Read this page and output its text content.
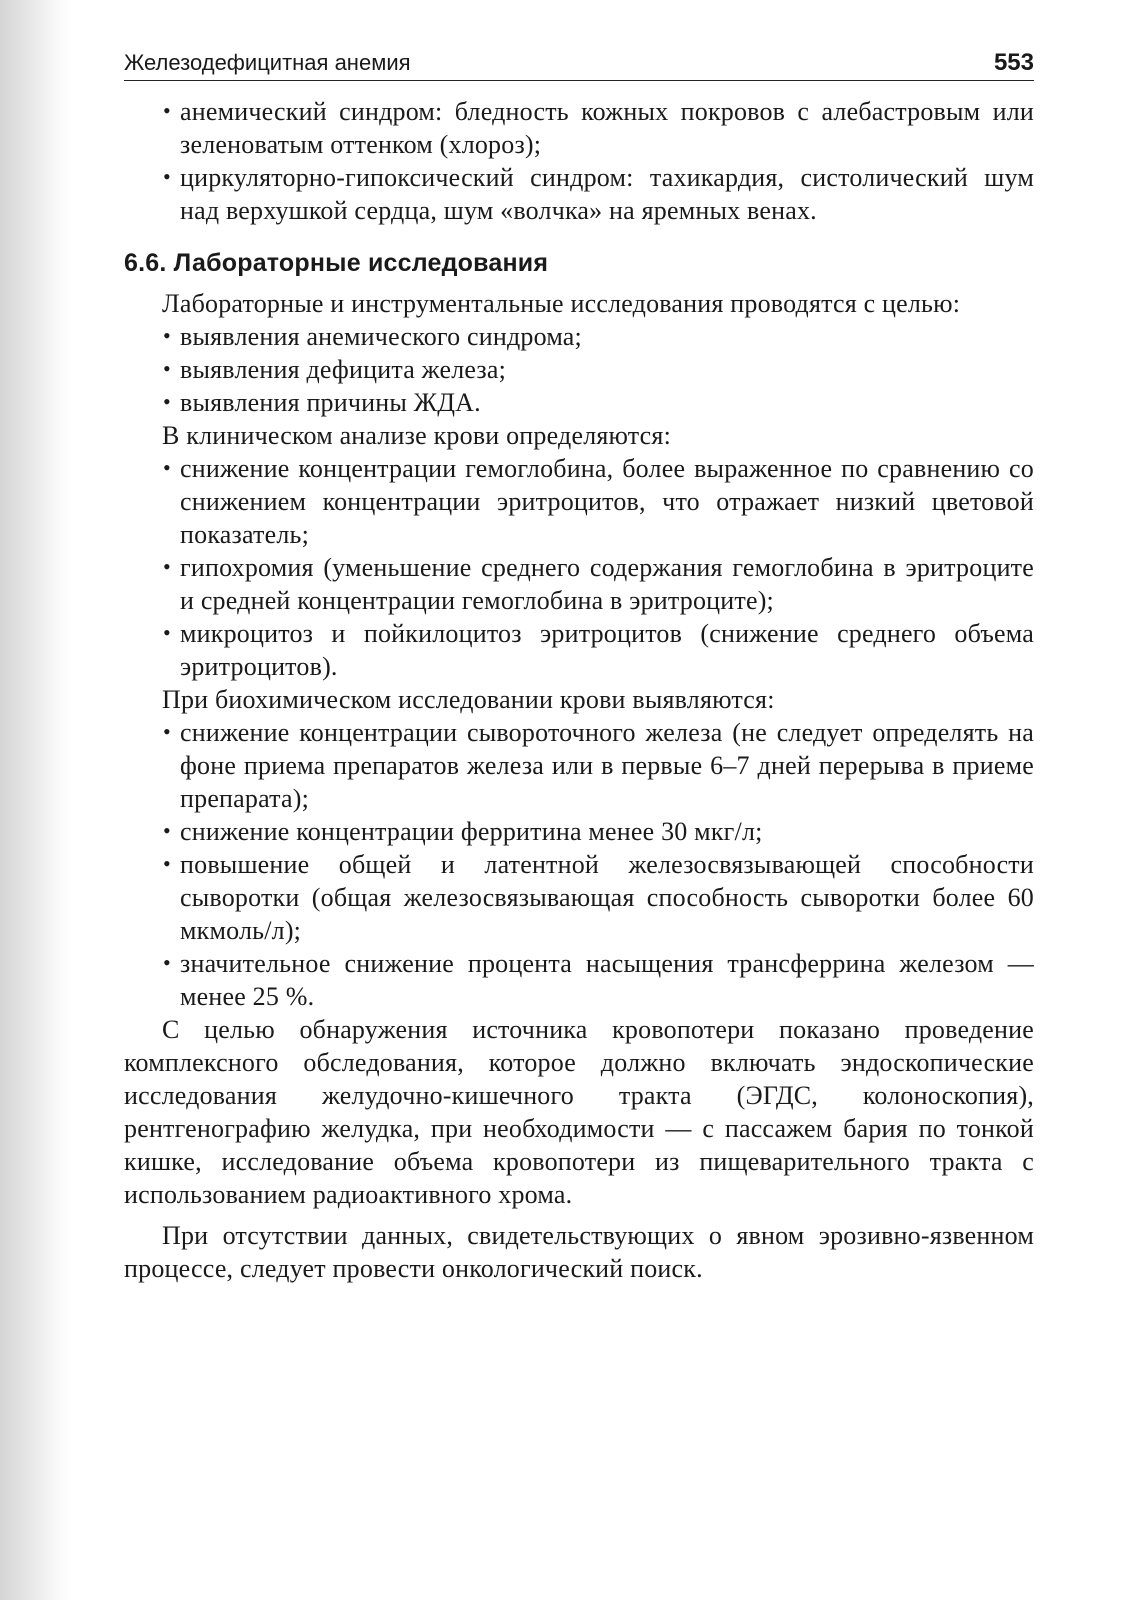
Железодефицитная анемия	553
• анемический синдром: бледность кожных покровов с алебастровым или зеленоватым оттенком (хлороз);
• циркуляторно-гипоксический синдром: тахикардия, систолический шум над верхушкой сердца, шум «волчка» на яремных венах.
6.6. Лабораторные исследования

Лабораторные и инструментальные исследования проводятся с целью:

• выявления анемического синдрома;
• выявления дефицита железа;
• выявления причины ЖДА.

В клиническом анализе крови определяются:

• снижение концентрации гемоглобина, более выраженное по сравнению со снижением концентрации эритроцитов, что отражает низкий цветовой показатель;
• гипохромия (уменьшение среднего содержания гемоглобина в эритроците и средней концентрации гемоглобина в эритроците);
• микроцитоз и пойкилоцитоз эритроцитов (снижение среднего объема эритроцитов).

При биохимическом исследовании крови выявляются:

• снижение концентрации сывороточного железа (не следует определять на фоне приема препаратов железа или в первые 6–7 дней перерыва в приеме препарата);
• снижение концентрации ферритина менее 30 мкг/л;
• повышение общей и латентной железосвязывающей способности сыворотки (общая железосвязывающая способность сыворотки более 60 мкмоль/л);
• значительное снижение процента насыщения трансферрина железом — менее 25 %.

С целью обнаружения источника кровопотери показано проведение комплексного обследования, которое должно включать эндоскопические исследования желудочно-кишечного тракта (ЭГДС, колоноскопия), рентгенографию желудка, при необходимости — с пассажем бария по тонкой кишке, исследование объема кровопотери из пищеварительного тракта с использованием радиоактивного хрома.

При отсутствии данных, свидетельствующих о явном эрозивно-язвенном процессе, следует провести онкологический поиск.
